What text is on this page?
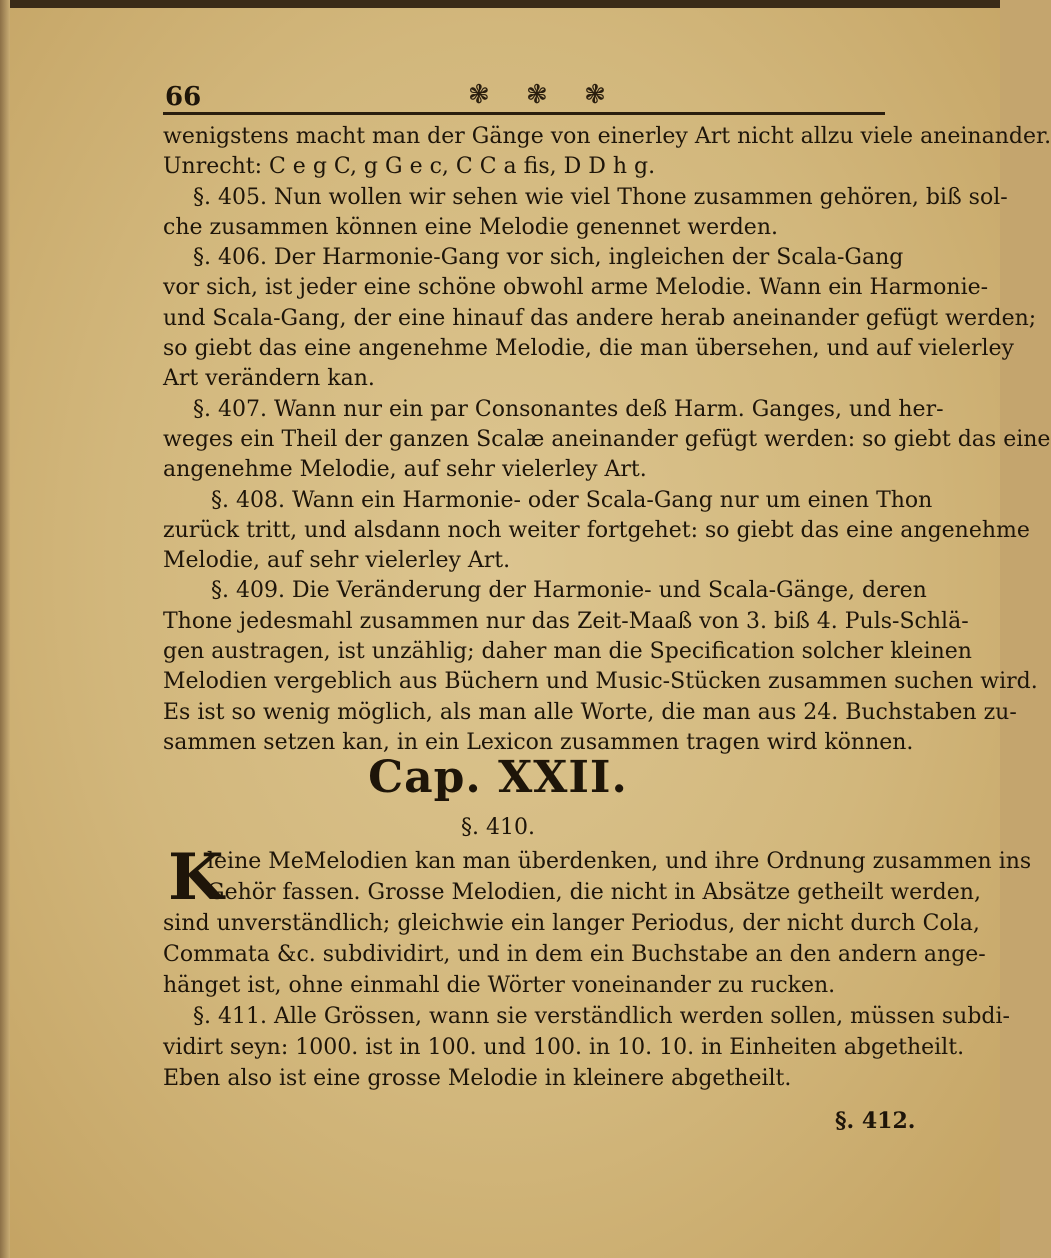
66	❃ ❃ ❃
wenigstens macht man der Gänge von einerley Art nicht allzu viele aneinander.
Unrecht: C e g C, g G e c, C C a fis, D D h g.
§. 405. Nun wollen wir sehen wie viel Thone zusammen gehören, biß sol-
che zusammen können eine Melodie genennet werden.
§. 406. Der Harmonie-Gang vor sich, ingleichen der Scala-Gang
vor sich, ist jeder eine schöne obwohl arme Melodie. Wann ein Harmonie-
und Scala-Gang, der eine hinauf das andere herab aneinander gefügt werden;
so giebt das eine angenehme Melodie, die man übersehen, und auf vielerley
Art verändern kan.
§. 407. Wann nur ein par Consonantes deß Harm. Ganges, und her-
weges ein Theil der ganzen Scalæ aneinander gefügt werden: so giebt das eine
angenehme Melodie, auf sehr vielerley Art.
§. 408. Wann ein Harmonie- oder Scala-Gang nur um einen Thon
zurück tritt, und alsdann noch weiter fortgehet: so giebt das eine angenehme
Melodie, auf sehr vielerley Art.
§. 409. Die Veränderung der Harmonie- und Scala-Gänge, deren
Thone jedesmahl zusammen nur das Zeit-Maaß von 3. biß 4. Puls-Schlä-
gen austragen, ist unzählig; daher man die Specification solcher kleinen
Melodien vergeblich aus Büchern und Music-Stücken zusammen suchen wird.
Es ist so wenig möglich, als man alle Worte, die man aus 24. Buchstaben zu-
sammen setzen kan, in ein Lexicon zusammen tragen wird können.
Cap. XXII.
§. 410.
K
leine MeMelodien kan man überdenken, und ihre Ordnung zusammen ins
Gehör fassen. Grosse Melodien, die nicht in Absätze getheilt werden,
sind unverständlich; gleichwie ein langer Periodus, der nicht durch Cola,
Commata &c. subdividirt, und in dem ein Buchstabe an den andern ange-
hänget ist, ohne einmahl die Wörter voneinander zu rucken.
§. 411. Alle Grössen, wann sie verständlich werden sollen, müssen subdi-
vidirt seyn: 1000. ist in 100. und 100. in 10. 10. in Einheiten abgetheilt.
Eben also ist eine grosse Melodie in kleinere abgetheilt.
§. 412.
